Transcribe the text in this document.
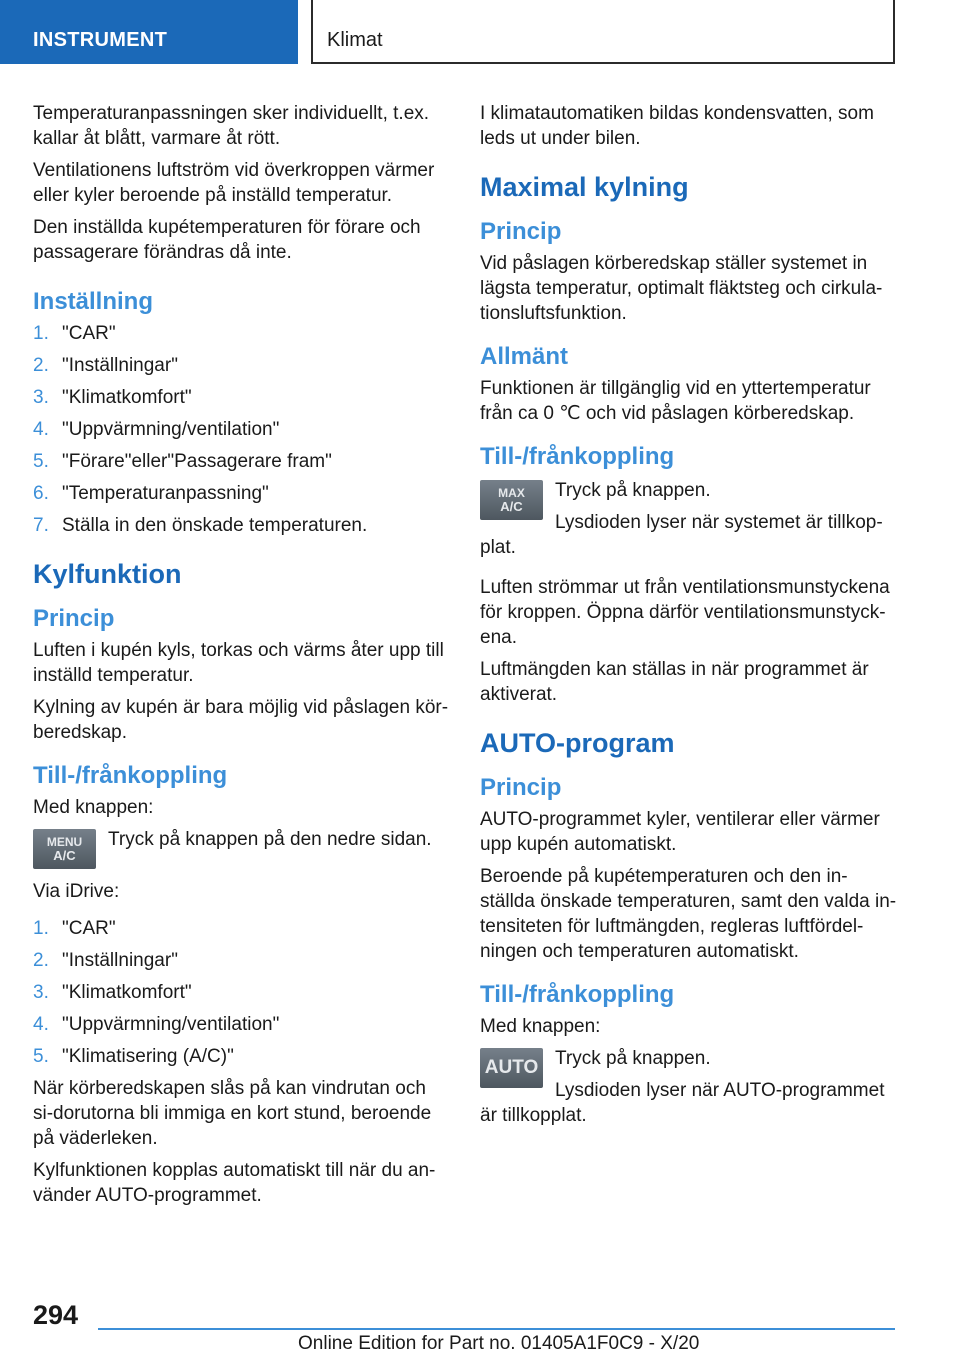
INSTRUMENT	Klimat

Temperaturanpassningen sker individuellt, t.ex. kallar åt blått, varmare åt rött.

Ventilationens luftström vid överkroppen värmer eller kyler beroende på inställd temperatur.

Den inställda kupétemperaturen för förare och passagerare förändras då inte.

Inställning
1. "CAR"
2. "Inställningar"
3. "Klimatkomfort"
4. "Uppvärmning/ventilation"
5. "Förare"eller"Passagerare fram"
6. "Temperaturanpassning"
7. Ställa in den önskade temperaturen.
Kylfunktion
Princip

Luften i kupén kyls, torkas och värms åter upp till inställd temperatur.

Kylning av kupén är bara möjlig vid påslagen kör-beredskap.

Till-/frånkoppling

Med knappen:

MENU
A/C

Tryck på knappen på den nedre sidan.

Via iDrive:

1. "CAR"
2. "Inställningar"
3. "Klimatkomfort"
4. "Uppvärmning/ventilation"
5. "Klimatisering (A/C)"

När körberedskapen slås på kan vindrutan och si-dorutorna bli immiga en kort stund, beroende på väderleken.

Kylfunktionen kopplas automatiskt till när du an-vänder AUTO-programmet.

I klimatautomatiken bildas kondensvatten, som leds ut under bilen.

Maximal kylning
Princip

Vid påslagen körberedskap ställer systemet in lägsta temperatur, optimalt fläktsteg och cirkula-tionsluftsfunktion.

Allmänt

Funktionen är tillgänglig vid en yttertemperatur från ca 0 ℃ och vid påslagen körberedskap.

Till-/frånkoppling
MAX
A/C

Tryck på knappen.

Lysdioden lyser när systemet är tillkop-plat.

Luften strömmar ut från ventilationsmunstyckena för kroppen. Öppna därför ventilationsmunstyck-ena.

Luftmängden kan ställas in när programmet är aktiverat.

AUTO-program
Princip

AUTO-programmet kyler, ventilerar eller värmer upp kupén automatiskt.

Beroende på kupétemperaturen och den in-ställda önskade temperaturen, samt den valda in-tensiteten för luftmängden, regleras luftfördel-ningen och temperaturen automatiskt.

Till-/frånkoppling

Med knappen:

AUTO Tryck på knappen.

Lysdioden lyser när AUTO-programmet är tillkopplat.

294
Online Edition for Part no. 01405A1F0C9 - X/20
